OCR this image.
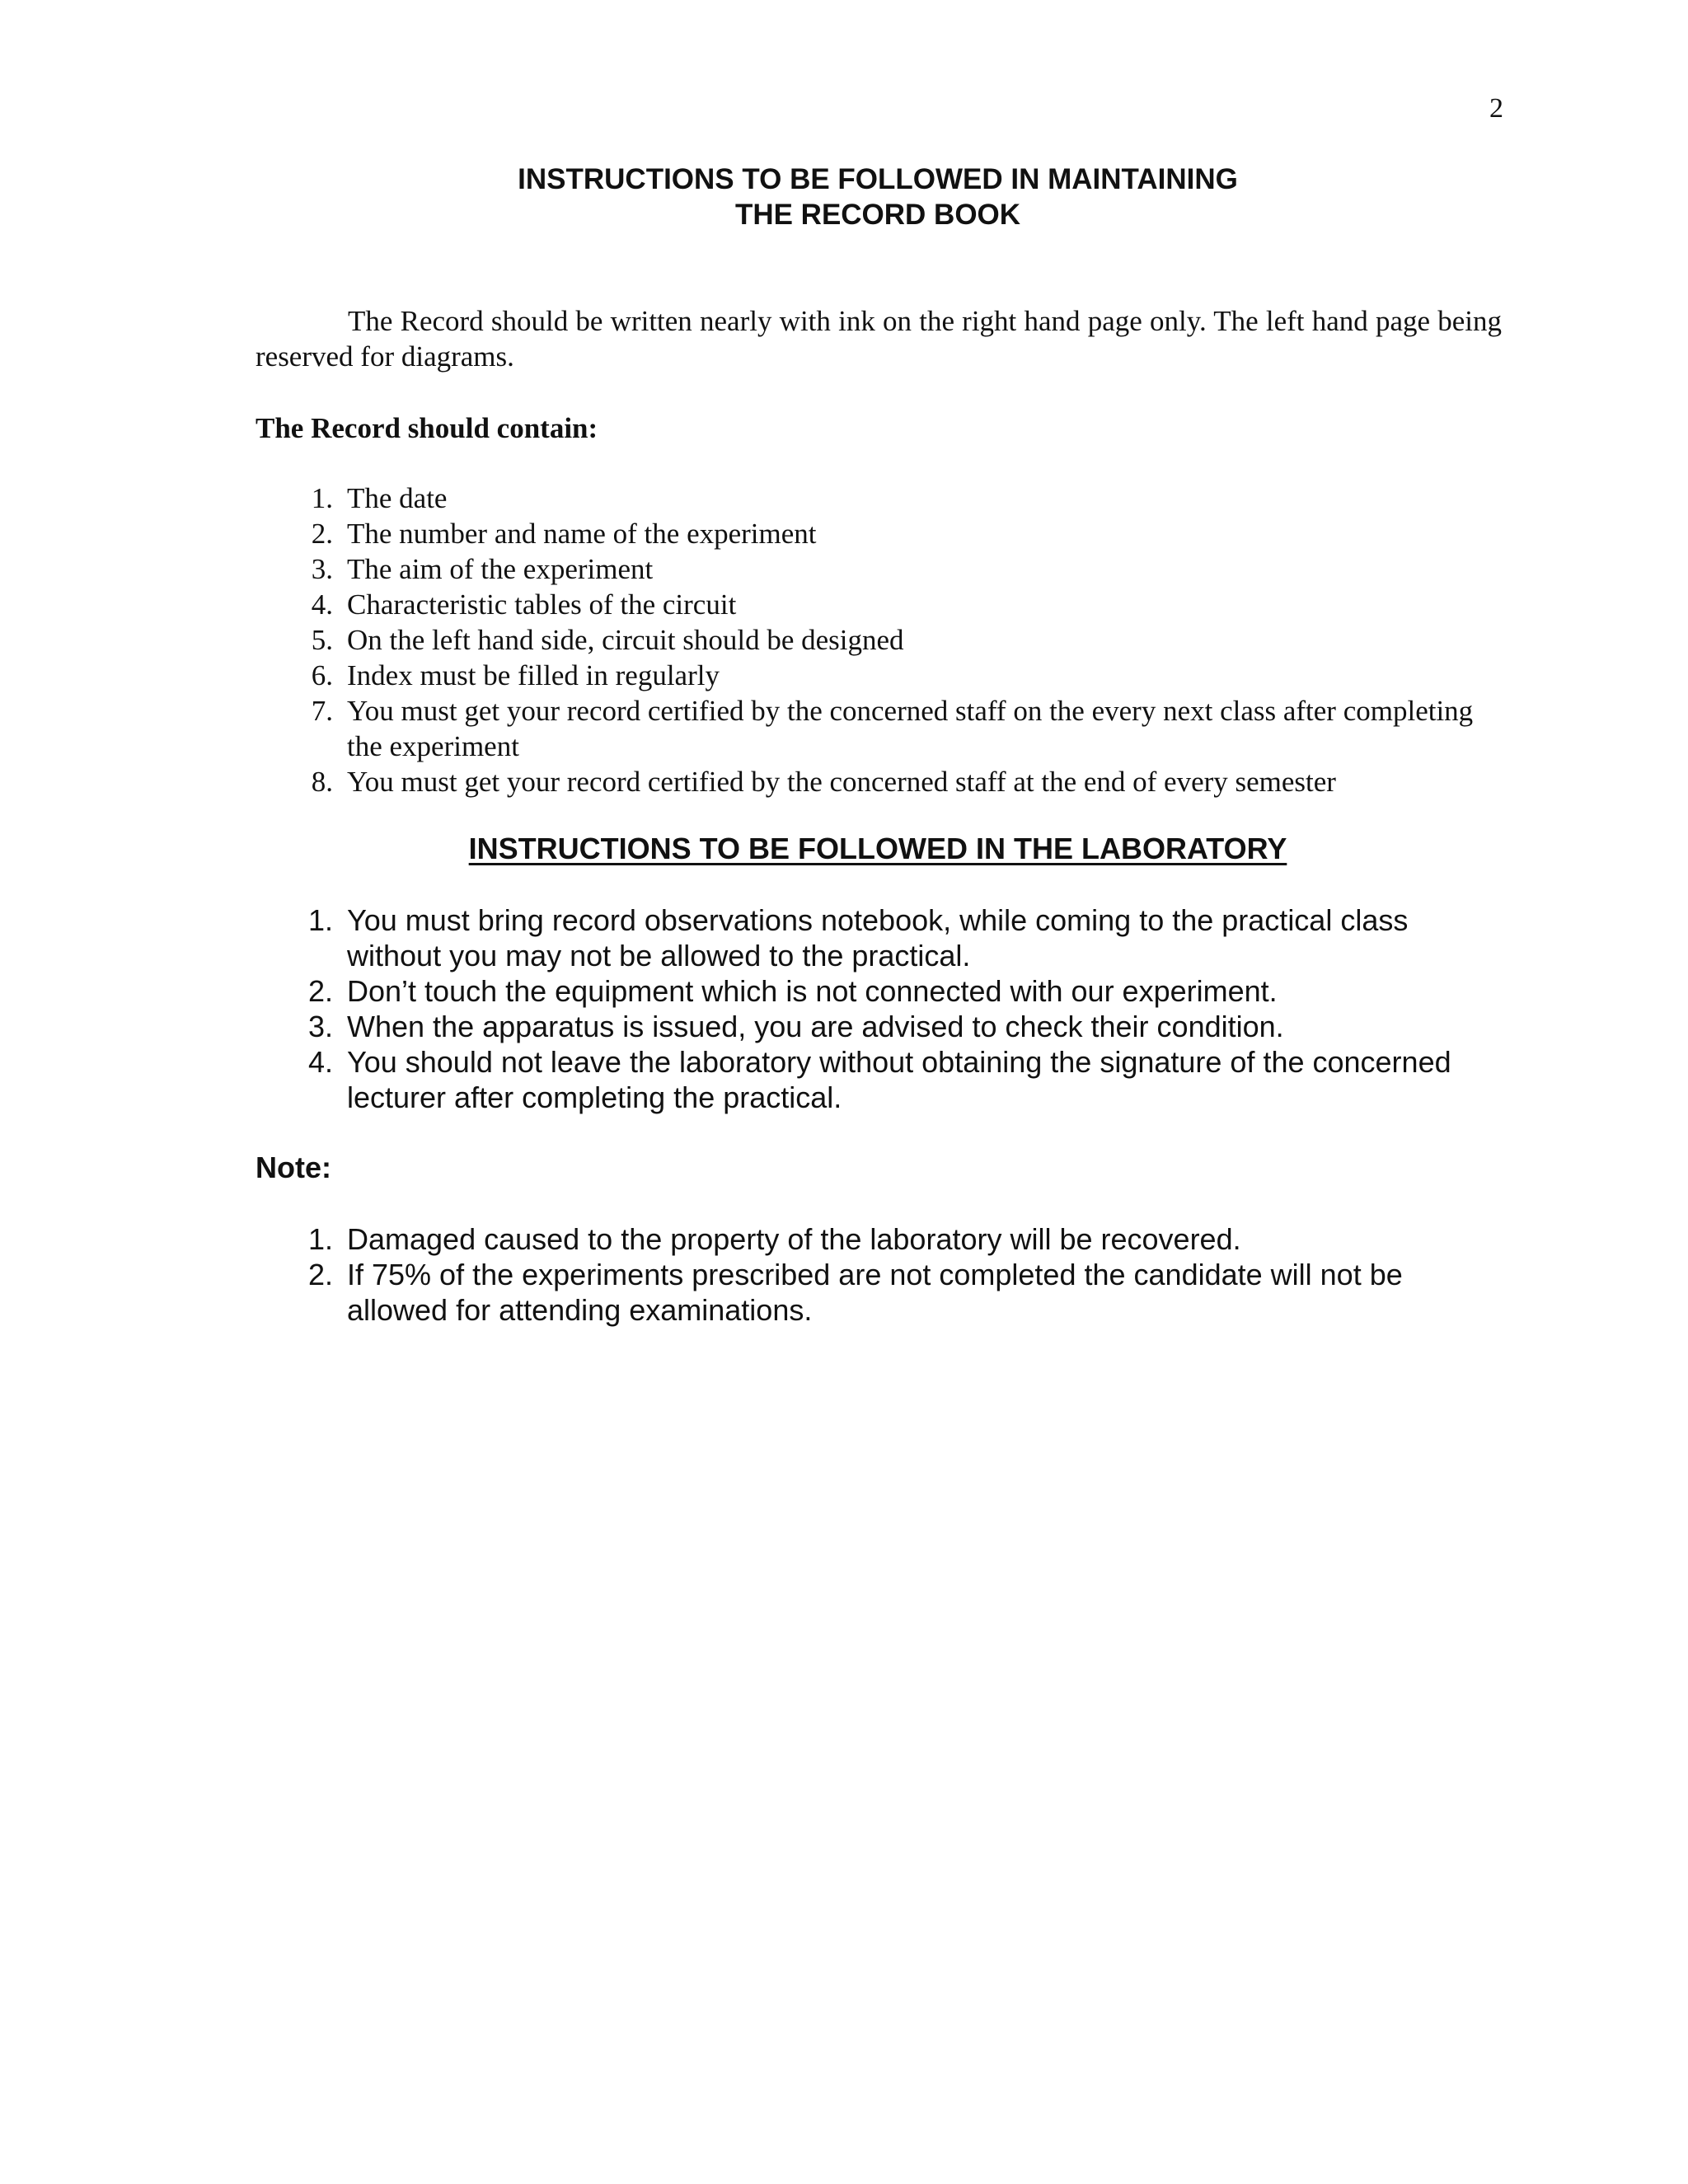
2
INSTRUCTIONS TO BE FOLLOWED IN MAINTAINING
THE RECORD BOOK

The Record should be written nearly with ink on the right hand page only. The left hand page being reserved for diagrams.

The Record should contain:
1. The date
2. The number and name of the experiment
3. The aim of the experiment
4. Characteristic tables of the circuit
5. On the left hand side, circuit should be designed
6. Index must be filled in regularly
7. You must get your record certified by the concerned staff on the every next class after completing the experiment
8. You must get your record certified by the concerned staff at the end of every semester
INSTRUCTIONS TO BE FOLLOWED IN THE LABORATORY
1. You must bring record observations notebook, while coming to the practical class without you may not be allowed to the practical.
2. Don’t touch the equipment which is not connected with our experiment.
3. When the apparatus is issued, you are advised to check their condition.
4. You should not leave the laboratory without obtaining the signature of the concerned lecturer after completing the practical.
Note:
1. Damaged caused to the property of the laboratory will be recovered.
2. If 75% of the experiments prescribed are not completed the candidate will not be allowed for attending examinations.
